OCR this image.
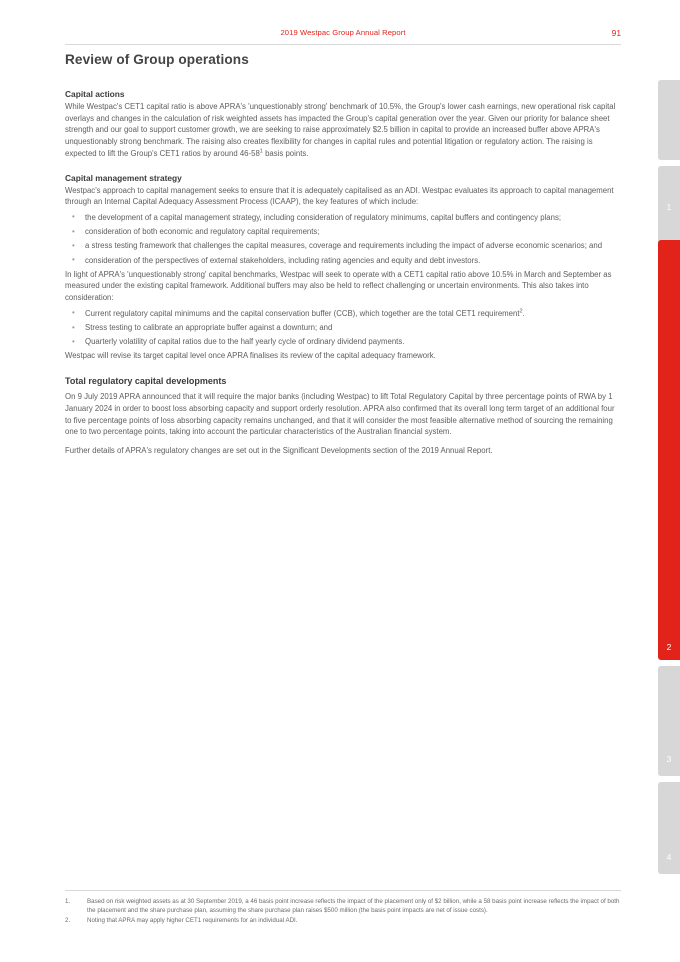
2019 Westpac Group Annual Report	91
Review of Group operations
Capital actions

While Westpac's CET1 capital ratio is above APRA's 'unquestionably strong' benchmark of 10.5%, the Group's lower cash earnings, new operational risk capital overlays and changes in the calculation of risk weighted assets has impacted the Group's capital generation over the year. Given our priority for balance sheet strength and our goal to support customer growth, we are seeking to raise approximately $2.5 billion in capital to provide an increased buffer above APRA's unquestionably strong benchmark. The raising also creates flexibility for changes in capital rules and potential litigation or regulatory action. The raising is expected to lift the Group's CET1 ratios by around $46-58^1$ basis points.

Capital management strategy

Westpac's approach to capital management seeks to ensure that it is adequately capitalised as an ADI. Westpac evaluates its approach to capital management through an Internal Capital Adequacy Assessment Process (ICAAP), the key features of which include:

• the development of a capital management strategy, including consideration of regulatory minimums, capital buffers and contingency plans;
• consideration of both economic and regulatory capital requirements;
• a stress testing framework that challenges the capital measures, coverage and requirements including the impact of adverse economic scenarios; and
• consideration of the perspectives of external stakeholders, including rating agencies and equity and debt investors.

In light of APRA's 'unquestionably strong' capital benchmarks, Westpac will seek to operate with a CET1 capital ratio above 10.5% in March and September as measured under the existing capital framework. Additional buffers may also be held to reflect challenging or uncertain environments. This also takes into consideration:

• Current regulatory capital minimums and the capital conservation buffer (CCB), which together are the total CET1 requirement$^2$.
• Stress testing to calibrate an appropriate buffer against a downturn; and
• Quarterly volatility of capital ratios due to the half yearly cycle of ordinary dividend payments.

Westpac will revise its target capital level once APRA finalises its review of the capital adequacy framework.

Total regulatory capital developments

On 9 July 2019 APRA announced that it will require the major banks (including Westpac) to lift Total Regulatory Capital by three percentage points of RWA by 1 January 2024 in order to boost loss absorbing capacity and support orderly resolution. APRA also confirmed that its overall long term target of an additional four to five percentage points of loss absorbing capacity remains unchanged, and that it will consider the most feasible alternative method of sourcing the remaining one to two percentage points, taking into account the particular characteristics of the Australian financial system.

Further details of APRA's regulatory changes are set out in the Significant Developments section of the 2019 Annual Report.

1.	Based on risk weighted assets as at 30 September 2019, a 46 basis point increase reflects the impact of the placement only of $2 billion, while a 58 basis point increase reflects the impact of both the placement and the share purchase plan, assuming the share purchase plan raises $500 million (the basis point impacts are net of issue costs).
2.	Noting that APRA may apply higher CET1 requirements for an individual ADI.
1
2
3
4
